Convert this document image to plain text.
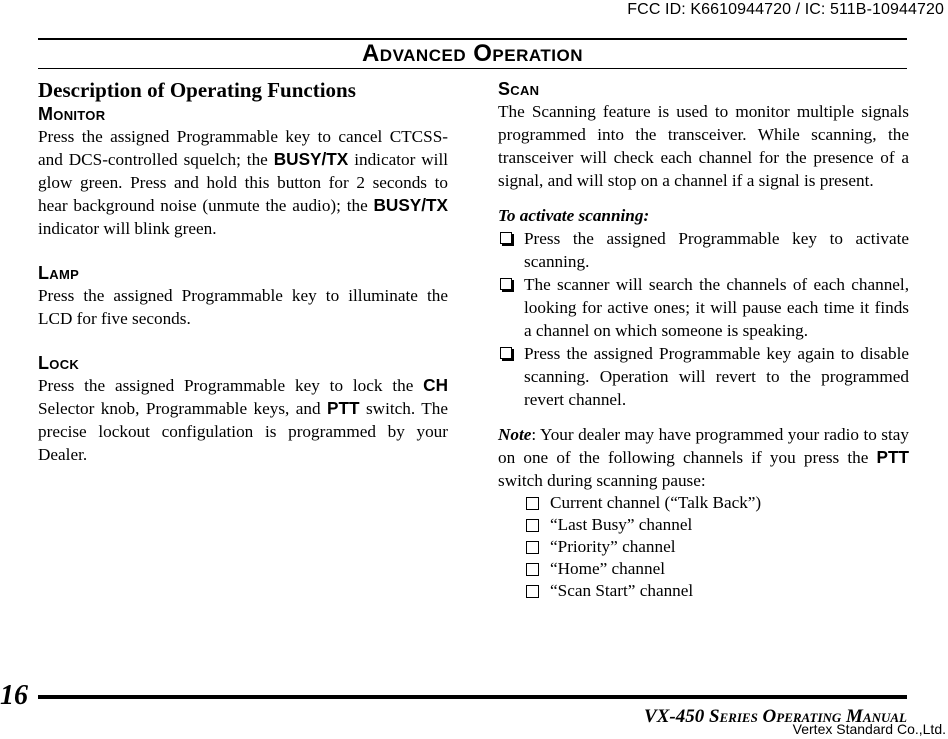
FCC ID: K6610944720 / IC: 511B-10944720
Advanced Operation
Description of Operating Functions
Monitor

Press the assigned Programmable key to cancel CTCSS- and DCS-controlled squelch; the BUSY/TX indicator will glow green. Press and hold this button for 2 seconds to hear background noise (unmute the audio); the BUSY/TX indicator will blink green.

Lamp

Press the assigned Programmable key to illuminate the LCD for five seconds.

Lock

Press the assigned Programmable key to lock the CH Selector knob, Programmable keys, and PTT switch. The precise lockout configulation is programmed by your Dealer.

Scan

The Scanning feature is used to monitor multiple signals programmed into the transceiver. While scanning, the transceiver will check each channel for the presence of a signal, and will stop on a channel if a signal is present.

To activate scanning:
Press the assigned Programmable key to activate scanning.
The scanner will search the channels of each channel, looking for active ones; it will pause each time it finds a channel on which someone is speaking.
Press the assigned Programmable key again to disable scanning. Operation will revert to the programmed revert channel.

Note: Your dealer may have programmed your radio to stay on one of the following channels if you press the PTT switch during scanning pause:

Current channel (“Talk Back”)
“Last Busy” channel
“Priority” channel
“Home” channel
“Scan Start” channel
16
VX-450 Series Operating Manual
Vertex Standard Co.,Ltd.
